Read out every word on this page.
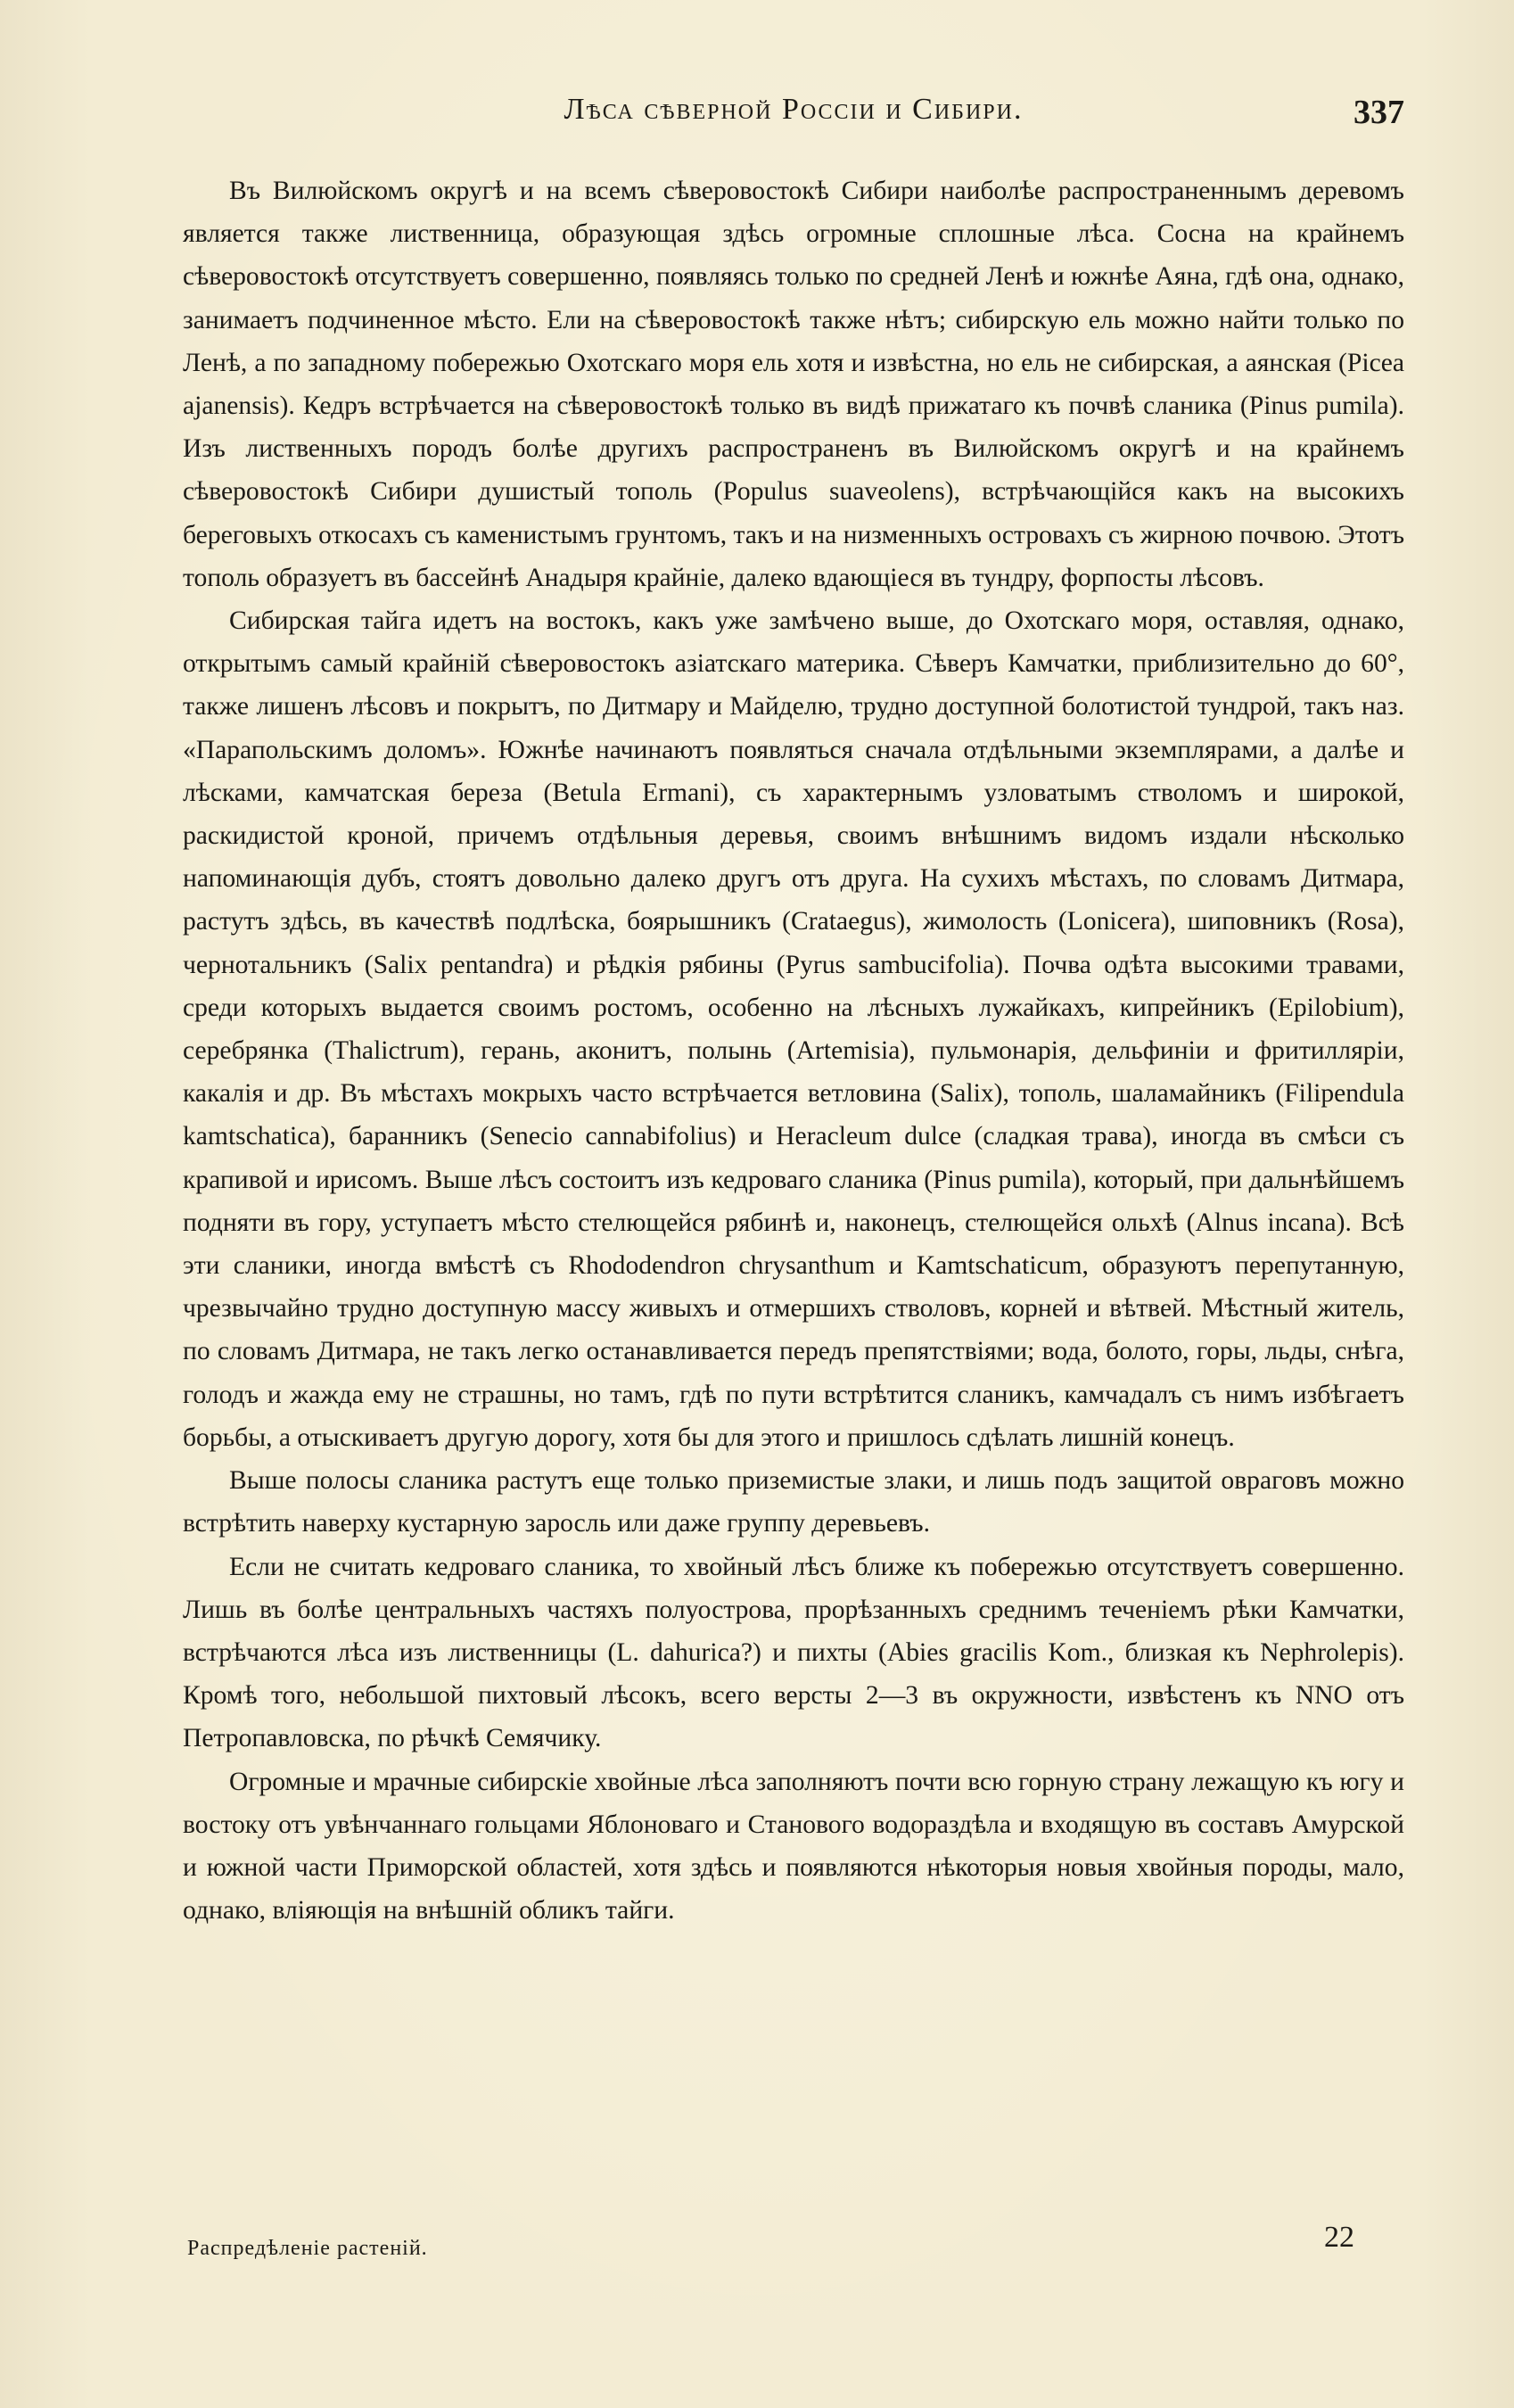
Лѣса сѣверной Россіи и Сибири.	337

Въ Вилюйскомъ округѣ и на всемъ сѣверовостокѣ Сибири наиболѣе распространеннымъ деревомъ является также лиственница, образующая здѣсь огромные сплошные лѣса. Сосна на крайнемъ сѣверовостокѣ отсутствуетъ совершенно, появляясь только по средней Ленѣ и южнѣе Аяна, гдѣ она, однако, занимаетъ подчиненное мѣсто. Ели на сѣверовостокѣ также нѣтъ; сибирскую ель можно найти только по Ленѣ, а по западному побережью Охотскаго моря ель хотя и извѣстна, но ель не сибирская, а аянская (Picea ajanensis). Кедръ встрѣчается на сѣверовостокѣ только въ видѣ прижатаго къ почвѣ сланика (Pinus pumila). Изъ лиственныхъ породъ болѣе другихъ распространенъ въ Вилюйскомъ округѣ и на крайнемъ сѣверовостокѣ Сибири душистый тополь (Populus suaveolens), встрѣчающійся какъ на высокихъ береговыхъ откосахъ съ каменистымъ грунтомъ, такъ и на низменныхъ островахъ съ жирною почвою. Этотъ тополь образуетъ въ бассейнѣ Анадыря крайніе, далеко вдающіеся въ тундру, форпосты лѣсовъ.

Сибирская тайга идетъ на востокъ, какъ уже замѣчено выше, до Охотскаго моря, оставляя, однако, открытымъ самый крайній сѣверовостокъ азіатскаго материка. Сѣверъ Камчатки, приблизительно до 60°, также лишенъ лѣсовъ и покрытъ, по Дитмару и Майделю, трудно доступной болотистой тундрой, такъ наз. «Парапольскимъ доломъ». Южнѣе начинаютъ появляться сначала отдѣльными экземплярами, а далѣе и лѣсками, камчатская береза (Betula Ermani), съ характернымъ узловатымъ стволомъ и широкой, раскидистой кроной, причемъ отдѣльныя деревья, своимъ внѣшнимъ видомъ издали нѣсколько напоминающія дубъ, стоятъ довольно далеко другъ отъ друга. На сухихъ мѣстахъ, по словамъ Дитмара, растутъ здѣсь, въ качествѣ подлѣска, боярышникъ (Crataegus), жимолость (Lonicera), шиповникъ (Rosa), чернотальникъ (Salix pentandra) и рѣдкія рябины (Pyrus sambucifolia). Почва одѣта высокими травами, среди которыхъ выдается своимъ ростомъ, особенно на лѣсныхъ лужайкахъ, кипрейникъ (Epilobium), серебрянка (Thalictrum), герань, аконитъ, полынь (Artemisia), пульмонарія, дельфиніи и фритилляріи, какалія и др. Въ мѣстахъ мокрыхъ часто встрѣчается ветловина (Salix), тополь, шаламайникъ (Filipendula kamtschatica), баранникъ (Senecio cannabifolius) и Heracleum dulce (сладкая трава), иногда въ смѣси съ крапивой и ирисомъ. Выше лѣсъ состоитъ изъ кедроваго сланика (Pinus pumila), который, при дальнѣйшемъ подняти въ гору, уступаетъ мѣсто стелющейся рябинѣ и, наконецъ, стелющейся ольхѣ (Alnus incana). Всѣ эти сланики, иногда вмѣстѣ съ Rhododendron chrysanthum и Kamtschaticum, образуютъ перепутанную, чрезвычайно трудно доступную массу живыхъ и отмершихъ стволовъ, корней и вѣтвей. Мѣстный житель, по словамъ Дитмара, не такъ легко останавливается передъ препятствіями; вода, болото, горы, льды, снѣга, голодъ и жажда ему не страшны, но тамъ, гдѣ по пути встрѣтится сланикъ, камчадалъ съ нимъ избѣгаетъ борьбы, а отыскиваетъ другую дорогу, хотя бы для этого и пришлось сдѣлать лишній конецъ.

Выше полосы сланика растутъ еще только приземистые злаки, и лишь подъ защитой овраговъ можно встрѣтить наверху кустарную заросль или даже группу деревьевъ.

Если не считать кедроваго сланика, то хвойный лѣсъ ближе къ побережью отсутствуетъ совершенно. Лишь въ болѣе центральныхъ частяхъ полуострова, прорѣзанныхъ среднимъ теченіемъ рѣки Камчатки, встрѣчаются лѣса изъ лиственницы (L. dahurica?) и пихты (Abies gracilis Kom., близкая къ Nephrolepis). Кромѣ того, небольшой пихтовый лѣсокъ, всего версты 2—3 въ окружности, извѣстенъ къ NNO отъ Петропавловска, по рѣчкѣ Семячику.

Огромные и мрачные сибирскіе хвойные лѣса заполняютъ почти всю горную страну лежащую къ югу и востоку отъ увѣнчаннаго гольцами Яблоноваго и Станового водораздѣла и входящую въ составъ Амурской и южной части Приморской областей, хотя здѣсь и появляются нѣкоторыя новыя хвойныя породы, мало, однако, вліяющія на внѣшній обликъ тайги.

Распредѣленіе растеній.	22
